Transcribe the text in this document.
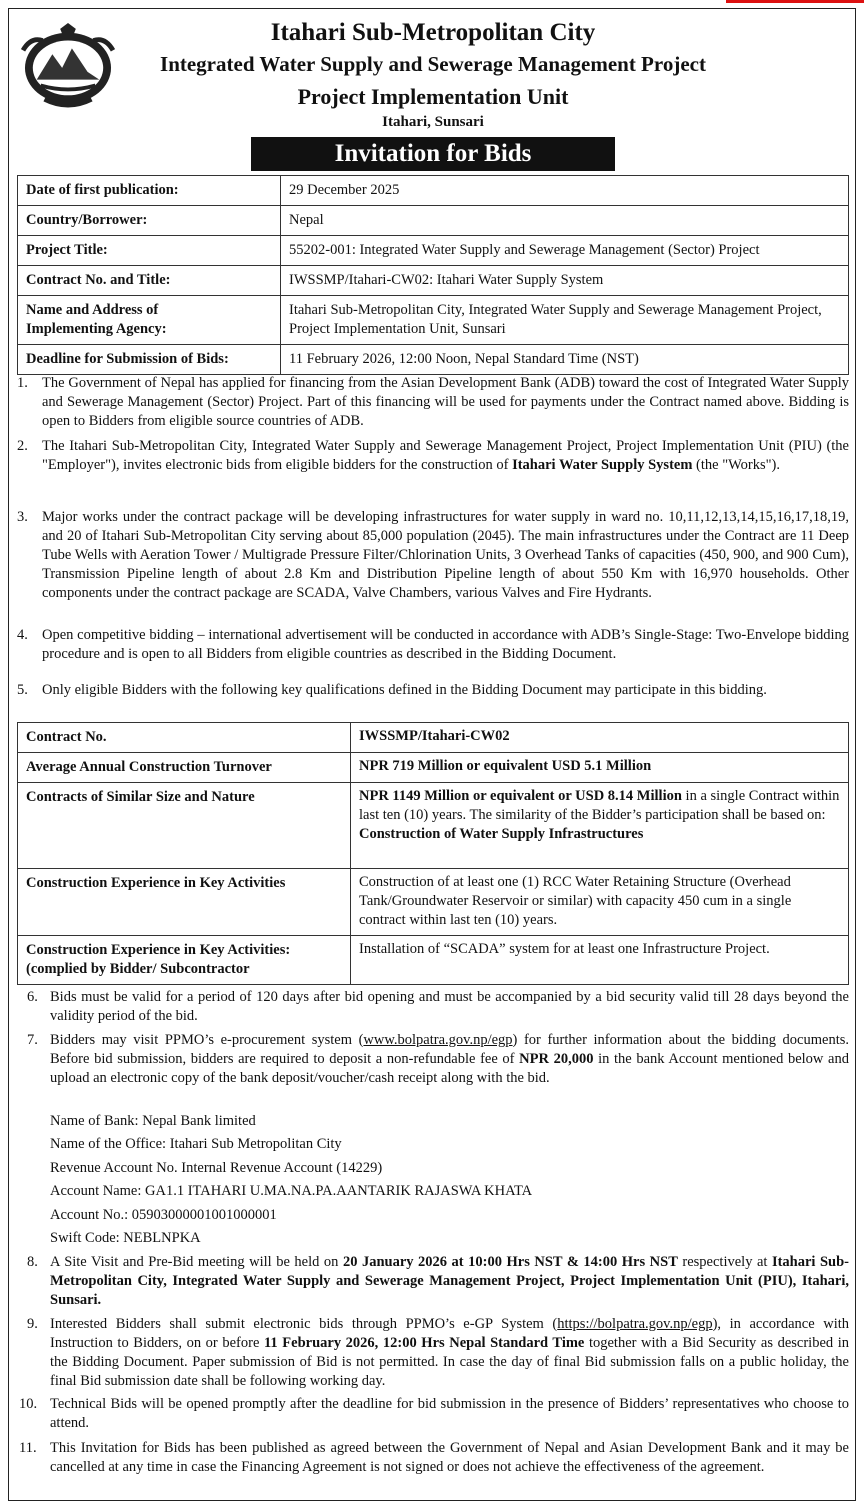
Itahari Sub-Metropolitan City
Integrated Water Supply and Sewerage Management Project
Project Implementation Unit
Itahari, Sunsari
Invitation for Bids
Date of first publication:	29 December 2025
Country/Borrower:	Nepal
Project Title:	55202-001: Integrated Water Supply and Sewerage Management (Sector) Project
Contract No. and Title:	IWSSMP/Itahari-CW02: Itahari Water Supply System
Name and Address of
Implementing Agency:	Itahari Sub-Metropolitan City, Integrated Water Supply and Sewerage Management Project, Project Implementation Unit, Sunsari
Deadline for Submission of Bids:	11 February 2026, 12:00 Noon, Nepal Standard Time (NST)
1. The Government of Nepal has applied for financing from the Asian Development Bank (ADB) toward the cost of Integrated Water Supply and Sewerage Management (Sector) Project. Part of this financing will be used for payments under the Contract named above. Bidding is open to Bidders from eligible source countries of ADB.
2. The Itahari Sub-Metropolitan City, Integrated Water Supply and Sewerage Management Project, Project Implementation Unit (PIU) (the "Employer"), invites electronic bids from eligible bidders for the construction of Itahari Water Supply System (the "Works").
3. Major works under the contract package will be developing infrastructures for water supply in ward no. 10,11,12,13,14,15,16,17,18,19, and 20 of Itahari Sub-Metropolitan City serving about 85,000 population (2045). The main infrastructures under the Contract are 11 Deep Tube Wells with Aeration Tower / Multigrade Pressure Filter/Chlorination Units, 3 Overhead Tanks of capacities (450, 900, and 900 Cum), Transmission Pipeline length of about 2.8 Km and Distribution Pipeline length of about 550 Km with 16,970 households. Other components under the contract package are SCADA, Valve Chambers, various Valves and Fire Hydrants.
4. Open competitive bidding – international advertisement will be conducted in accordance with ADB’s Single-Stage: Two-Envelope bidding procedure and is open to all Bidders from eligible countries as described in the Bidding Document.
5. Only eligible Bidders with the following key qualifications defined in the Bidding Document may participate in this bidding.
Contract No.	IWSSMP/Itahari-CW02
Average Annual Construction Turnover	NPR 719 Million or equivalent USD 5.1 Million
Contracts of Similar Size and Nature	NPR 1149 Million or equivalent or USD 8.14 Million in a single Contract within last ten (10) years. The similarity of the Bidder’s participation shall be based on: Construction of Water Supply Infrastructures
Construction Experience in Key Activities	Construction of at least one (1) RCC Water Retaining Structure (Overhead Tank/Groundwater Reservoir or similar) with capacity 450 cum in a single contract within last ten (10) years.
Construction Experience in Key Activities:
(complied by Bidder/ Subcontractor	Installation of “SCADA” system for at least one Infrastructure Project.
6. Bids must be valid for a period of 120 days after bid opening and must be accompanied by a bid security valid till 28 days beyond the validity period of the bid.
7. Bidders may visit PPMO’s e-procurement system (www.bolpatra.gov.np/egp) for further information about the bidding documents. Before bid submission, bidders are required to deposit a non-refundable fee of NPR 20,000 in the bank Account mentioned below and upload an electronic copy of the bank deposit/voucher/cash receipt along with the bid.
Name of Bank: Nepal Bank limited
Name of the Office: Itahari Sub Metropolitan City
Revenue Account No. Internal Revenue Account (14229)
Account Name: GA1.1 ITAHARI U.MA.NA.PA.AANTARIK RAJASWA KHATA
Account No.: 05903000001001000001
Swift Code: NEBLNPKA
8. A Site Visit and Pre-Bid meeting will be held on 20 January 2026 at 10:00 Hrs NST & 14:00 Hrs NST respectively at Itahari Sub-Metropolitan City, Integrated Water Supply and Sewerage Management Project, Project Implementation Unit (PIU), Itahari, Sunsari.
9. Interested Bidders shall submit electronic bids through PPMO’s e-GP System (https://bolpatra.gov.np/egp), in accordance with Instruction to Bidders, on or before 11 February 2026, 12:00 Hrs Nepal Standard Time together with a Bid Security as described in the Bidding Document. Paper submission of Bid is not permitted. In case the day of final Bid submission falls on a public holiday, the final Bid submission date shall be following working day.
10. Technical Bids will be opened promptly after the deadline for bid submission in the presence of Bidders’ representatives who choose to attend.
11. This Invitation for Bids has been published as agreed between the Government of Nepal and Asian Development Bank and it may be cancelled at any time in case the Financing Agreement is not signed or does not achieve the effectiveness of the agreement.
